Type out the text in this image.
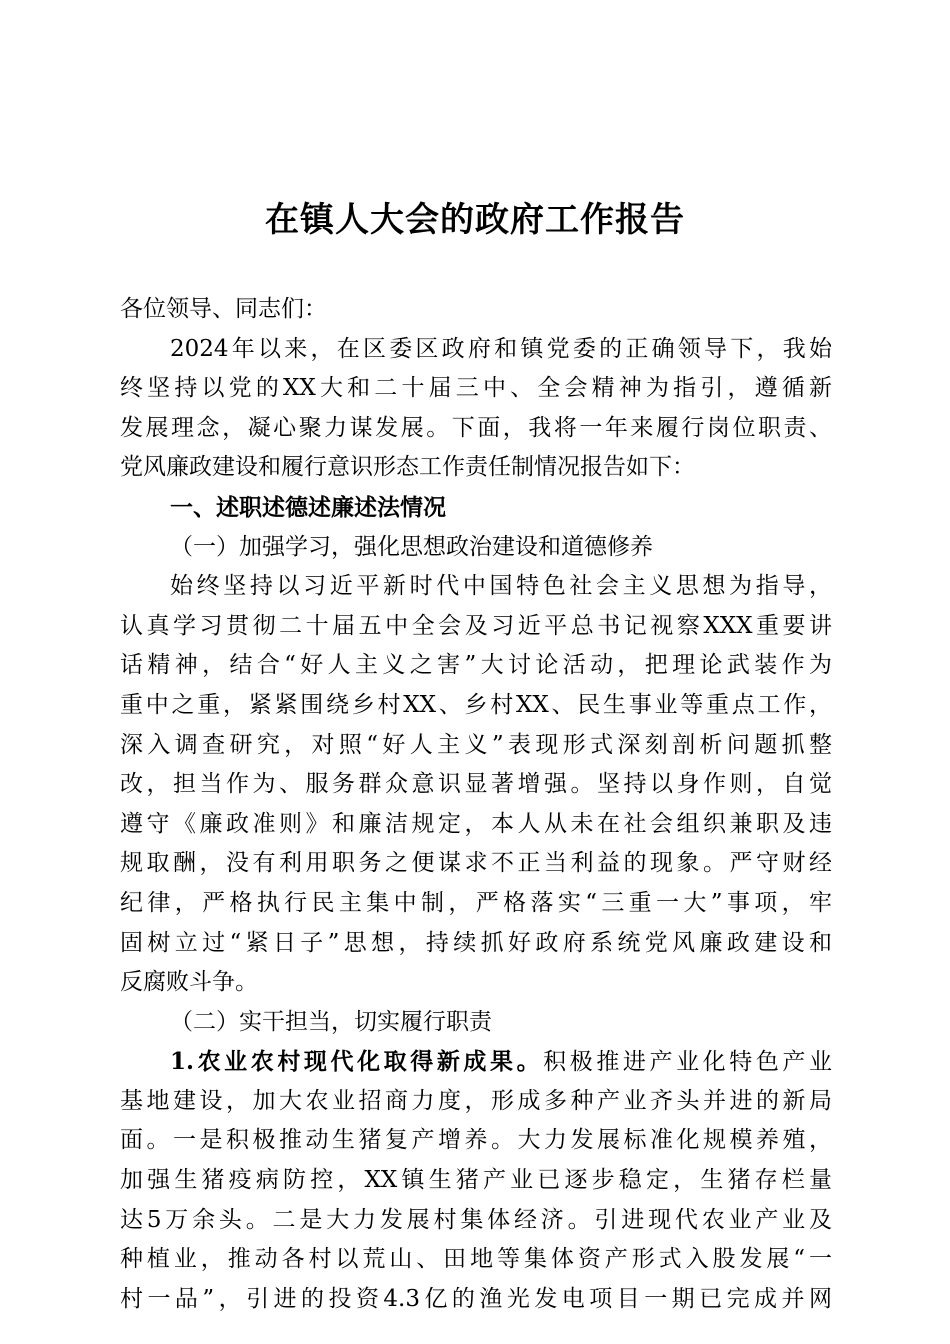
在镇人大会的政府工作报告
各位领导、同志们：
2024年以来，在区委区政府和镇党委的正确领导下，我始
终坚持以党的XX大和二十届三中、全会精神为指引，遵循新
发展理念，凝心聚力谋发展。下面，我将一年来履行岗位职责、
党风廉政建设和履行意识形态工作责任制情况报告如下：
一、述职述德述廉述法情况
（一）加强学习，强化思想政治建设和道德修养
始终坚持以习近平新时代中国特色社会主义思想为指导，
认真学习贯彻二十届五中全会及习近平总书记视察XXX重要讲
话精神，结合“好人主义之害”大讨论活动，把理论武装作为
重中之重，紧紧围绕乡村XX、乡村XX、民生事业等重点工作，
深入调查研究，对照“好人主义”表现形式深刻剖析问题抓整
改，担当作为、服务群众意识显著增强。坚持以身作则，自觉
遵守《廉政准则》和廉洁规定，本人从未在社会组织兼职及违
规取酬，没有利用职务之便谋求不正当利益的现象。严守财经
纪律，严格执行民主集中制，严格落实“三重一大”事项，牢
固树立过“紧日子”思想，持续抓好政府系统党风廉政建设和
反腐败斗争。
（二）实干担当，切实履行职责
1.农业农村现代化取得新成果。积极推进产业化特色产业
基地建设，加大农业招商力度，形成多种产业齐头并进的新局
面。一是积极推动生猪复产增养。大力发展标准化规模养殖，
加强生猪疫病防控，XX镇生猪产业已逐步稳定，生猪存栏量
达5万余头。二是大力发展村集体经济。引进现代农业产业及
种植业，推动各村以荒山、田地等集体资产形式入股发展“一
村一品”，引进的投资4.3亿的渔光发电项目一期已完成并网
